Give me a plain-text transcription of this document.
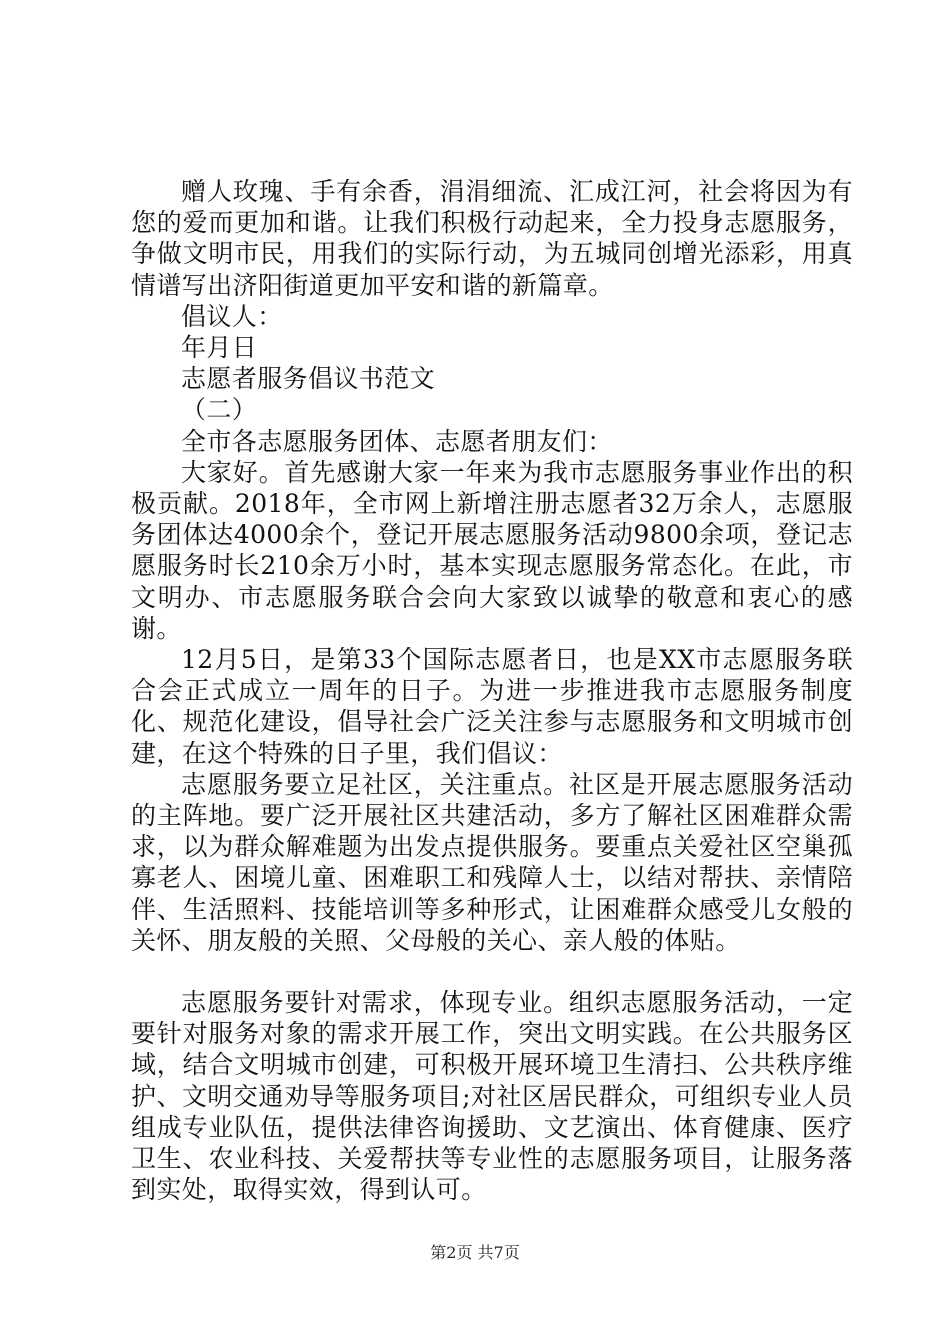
赠人玫瑰、手有余香，涓涓细流、汇成江河，社会将因为有您的爱而更加和谐。让我们积极行动起来，全力投身志愿服务，争做文明市民，用我们的实际行动，为五城同创增光添彩，用真情谱写出济阳街道更加平安和谐的新篇章。

倡议人：

年月日

志愿者服务倡议书范文

（二）

全市各志愿服务团体、志愿者朋友们：

大家好。首先感谢大家一年来为我市志愿服务事业作出的积极贡献。2018年，全市网上新增注册志愿者32万余人，志愿服务团体达4000余个，登记开展志愿服务活动9800余项，登记志愿服务时长210余万小时，基本实现志愿服务常态化。在此，市文明办、市志愿服务联合会向大家致以诚挚的敬意和衷心的感谢。

12月5日，是第33个国际志愿者日，也是XX市志愿服务联合会正式成立一周年的日子。为进一步推进我市志愿服务制度化、规范化建设，倡导社会广泛关注参与志愿服务和文明城市创建，在这个特殊的日子里，我们倡议：

志愿服务要立足社区，关注重点。社区是开展志愿服务活动的主阵地。要广泛开展社区共建活动，多方了解社区困难群众需求，以为群众解难题为出发点提供服务。要重点关爱社区空巢孤寡老人、困境儿童、困难职工和残障人士，以结对帮扶、亲情陪伴、生活照料、技能培训等多种形式，让困难群众感受儿女般的关怀、朋友般的关照、父母般的关心、亲人般的体贴。

志愿服务要针对需求，体现专业。组织志愿服务活动，一定要针对服务对象的需求开展工作，突出文明实践。在公共服务区域，结合文明城市创建，可积极开展环境卫生清扫、公共秩序维护、文明交通劝导等服务项目;对社区居民群众，可组织专业人员组成专业队伍，提供法律咨询援助、文艺演出、体育健康、医疗卫生、农业科技、关爱帮扶等专业性的志愿服务项目，让服务落到实处，取得实效，得到认可。

第2页 共7页
